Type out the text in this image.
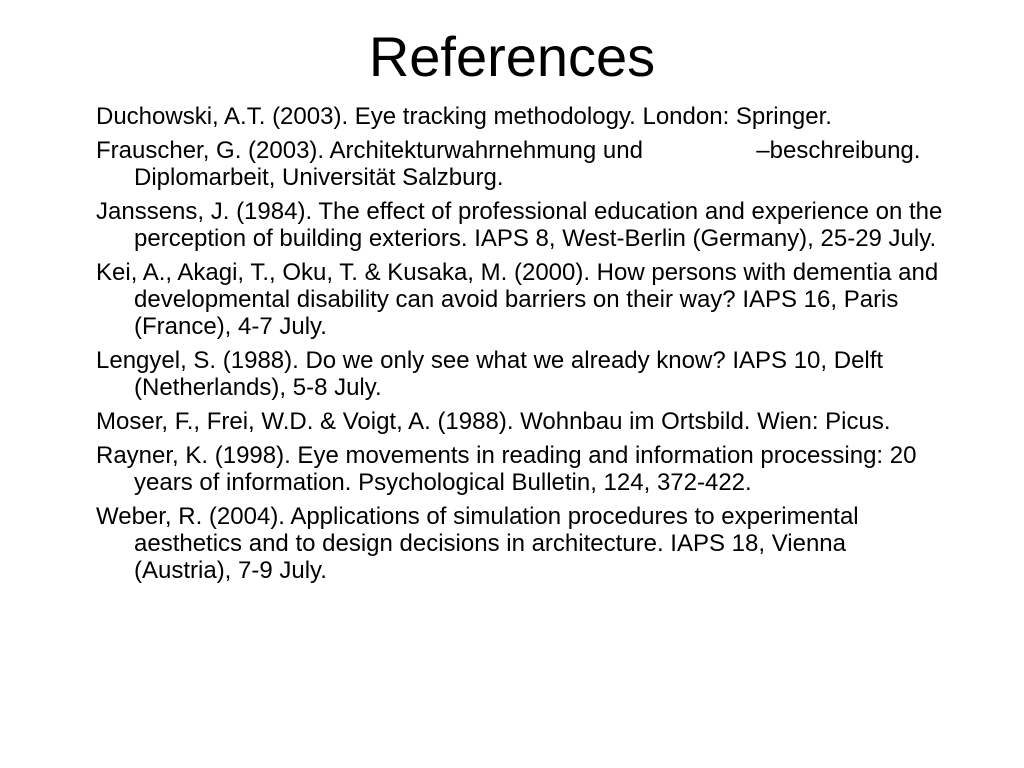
References
Duchowski, A.T. (2003). Eye tracking methodology. London: Springer.
Frauscher, G. (2003). Architekturwahrnehmung und                 –beschreibung. Diplomarbeit, Universität Salzburg.
Janssens, J. (1984). The effect of professional education and experience on the perception of building exteriors. IAPS 8, West-Berlin (Germany), 25-29 July.
Kei, A., Akagi, T., Oku, T. & Kusaka, M. (2000). How persons with dementia and developmental disability can avoid barriers on their way? IAPS 16, Paris (France), 4-7 July.
Lengyel, S. (1988). Do we only see what we already know? IAPS 10, Delft (Netherlands), 5-8 July.
Moser, F., Frei, W.D. & Voigt, A. (1988). Wohnbau im Ortsbild. Wien: Picus.
Rayner, K. (1998). Eye movements in reading and information processing: 20 years of information. Psychological Bulletin, 124, 372-422.
Weber, R. (2004). Applications of simulation procedures to experimental aesthetics and to design decisions in architecture. IAPS 18, Vienna (Austria), 7-9 July.
